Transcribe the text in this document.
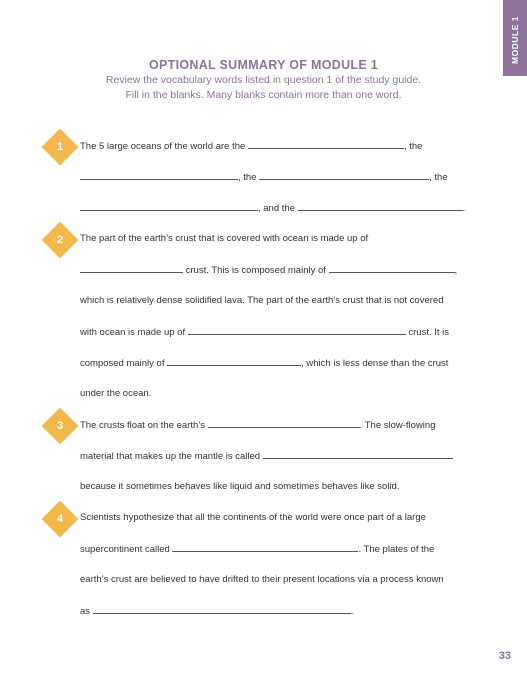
MODULE 1
OPTIONAL SUMMARY OF MODULE 1
Review the vocabulary words listed in question 1 of the study guide.
Fill in the blanks. Many blanks contain more than one word.
1	The 5 large oceans of the world are the	, the
, the	, the
, and the	.
2	The part of the earth’s crust that is covered with ocean is made up of
crust. This is composed mainly of	,
which is relatively dense solidified lava. The part of the earth’s crust that is not covered
with ocean is made up of	crust. It is
composed mainly of	, which is less dense than the crust
under the ocean.
3	The crusts float on the earth’s	. The slow-flowing
material that makes up the mantle is called
because it sometimes behaves like liquid and sometimes behaves like solid.
4	Scientists hypothesize that all the continents of the world were once part of a large
supercontinent called	. The plates of the
earth’s crust are believed to have drifted to their present locations via a process known
as	.
33
